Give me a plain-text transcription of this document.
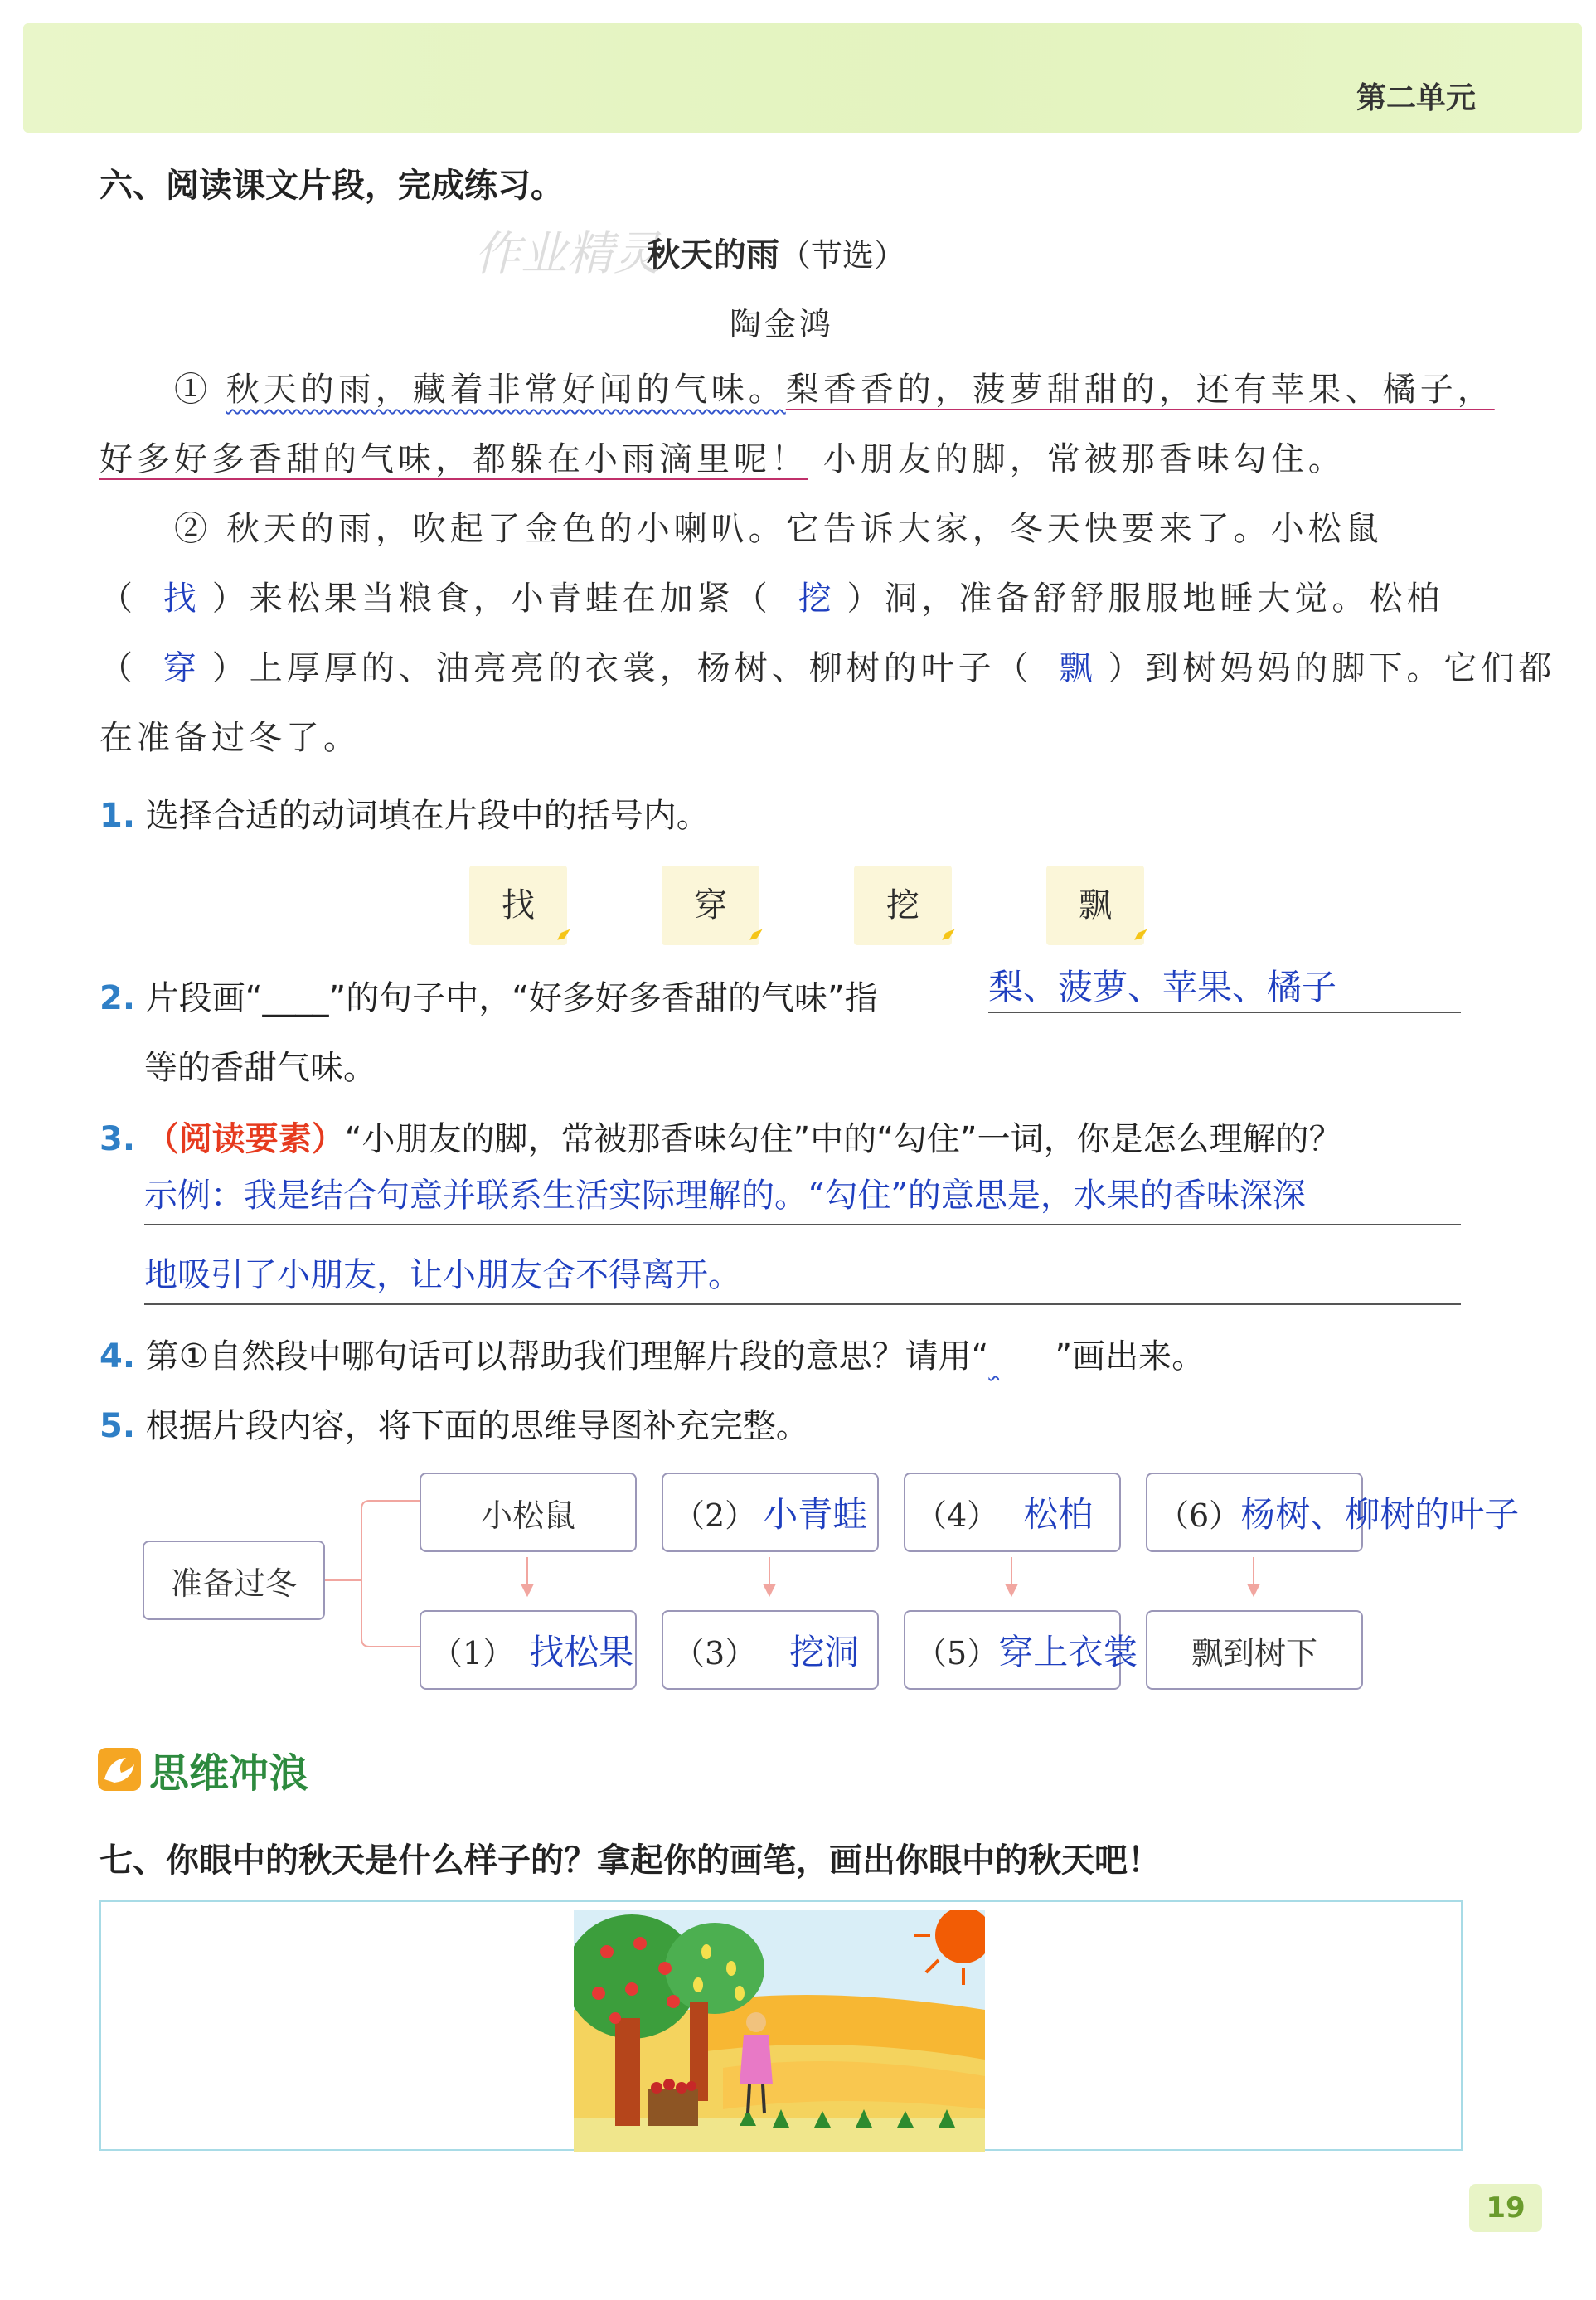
第二单元
六、阅读课文片段，完成练习。
作业精灵
秋天的雨（节选）
陶金鸿
① 秋天的雨，藏着非常好闻的气味。梨香香的，菠萝甜甜的，还有苹果、橘子，
好多好多香甜的气味，都躲在小雨滴里呢！ 小朋友的脚，常被那香味勾住。
② 秋天的雨，吹起了金色的小喇叭。它告诉大家，冬天快要来了。小松鼠
（ 找 ）来松果当粮食，小青蛙在加紧（ 挖 ）洞，准备舒舒服服地睡大觉。松柏
（ 穿 ）上厚厚的、油亮亮的衣裳，杨树、柳树的叶子（ 飘 ）到树妈妈的脚下。它们都
在准备过冬了。
1. 选择合适的动词填在片段中的括号内。
找	穿	挖	飘
2. 片段画“____”的句子中，“好多好多香甜的气味”指	梨、菠萝、苹果、橘子
等的香甜气味。
3. （阅读要素）“小朋友的脚，常被那香味勾住”中的“勾住”一词，你是怎么理解的？
示例：我是结合句意并联系生活实际理解的。“勾住”的意思是，水果的香味深深
地吸引了小朋友，让小朋友舍不得离开。
4. 第①自然段中哪句话可以帮助我们理解片段的意思？请用“ ”画出来。
5. 根据片段内容，将下面的思维导图补充完整。
准备过冬
小松鼠	（2） 小青蛙 （4） 松柏 （6） 杨树、柳树的叶子
（1） 找松果 （3） 挖洞 （5） 穿上衣裳 飘到树下
思维冲浪
七、你眼中的秋天是什么样子的？拿起你的画笔，画出你眼中的秋天吧！
19
